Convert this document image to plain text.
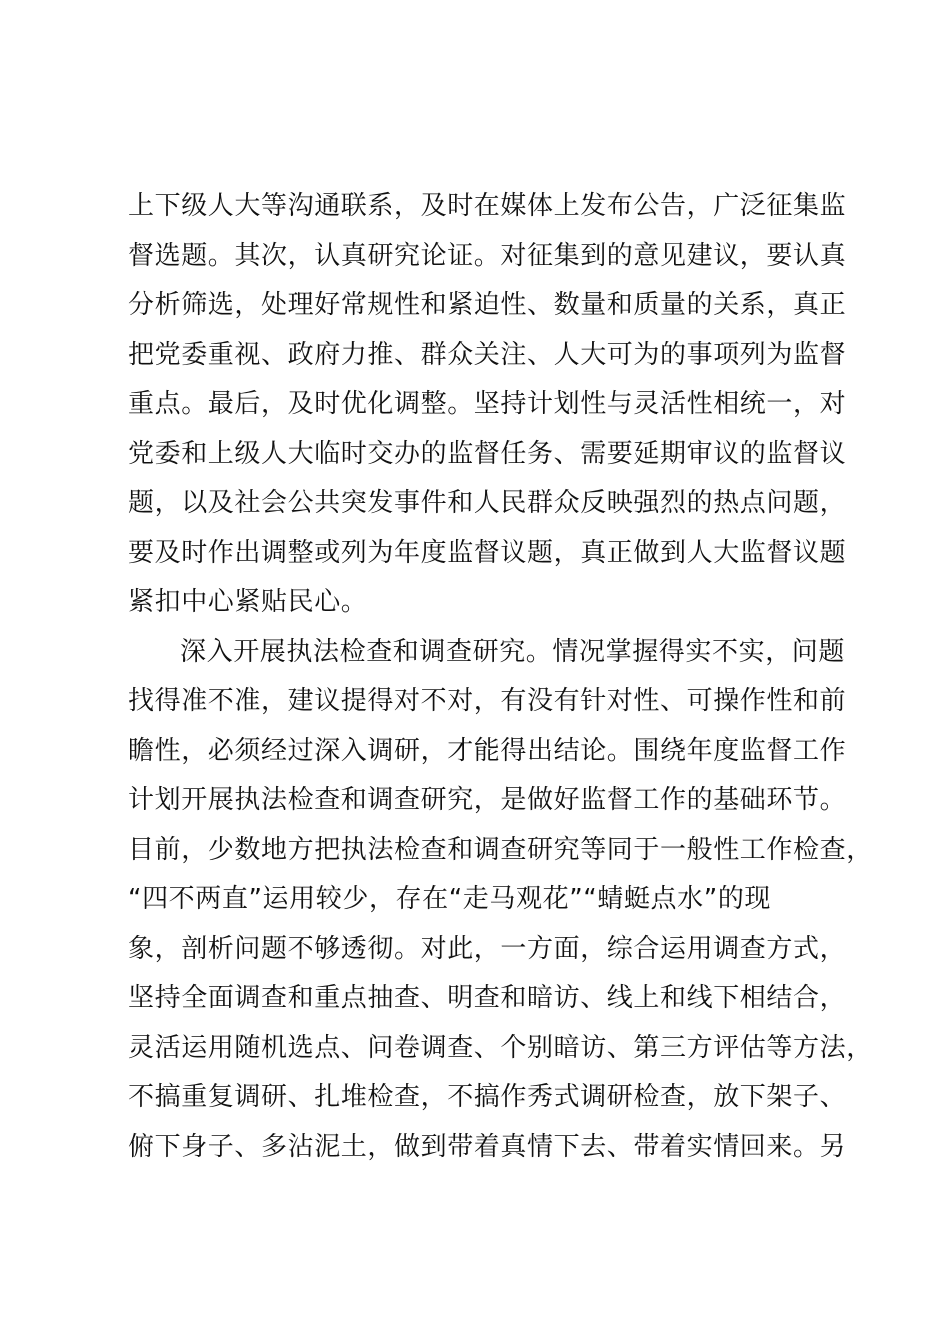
上下级人大等沟通联系，及时在媒体上发布公告，广泛征集监
督选题。其次，认真研究论证。对征集到的意见建议，要认真
分析筛选，处理好常规性和紧迫性、数量和质量的关系，真正
把党委重视、政府力推、群众关注、人大可为的事项列为监督
重点。最后，及时优化调整。坚持计划性与灵活性相统一，对
党委和上级人大临时交办的监督任务、需要延期审议的监督议
题，以及社会公共突发事件和人民群众反映强烈的热点问题，
要及时作出调整或列为年度监督议题，真正做到人大监督议题
紧扣中心紧贴民心。
深入开展执法检查和调查研究。情况掌握得实不实，问题
找得准不准，建议提得对不对，有没有针对性、可操作性和前
瞻性，必须经过深入调研，才能得出结论。围绕年度监督工作
计划开展执法检查和调查研究，是做好监督工作的基础环节。
目前，少数地方把执法检查和调查研究等同于一般性工作检查，
“四不两直”运用较少，存在“走马观花”“蜻蜓点水”的现
象，剖析问题不够透彻。对此，一方面，综合运用调查方式，
坚持全面调查和重点抽查、明查和暗访、线上和线下相结合，
灵活运用随机选点、问卷调查、个别暗访、第三方评估等方法，
不搞重复调研、扎堆检查，不搞作秀式调研检查，放下架子、
俯下身子、多沾泥土，做到带着真情下去、带着实情回来。另
